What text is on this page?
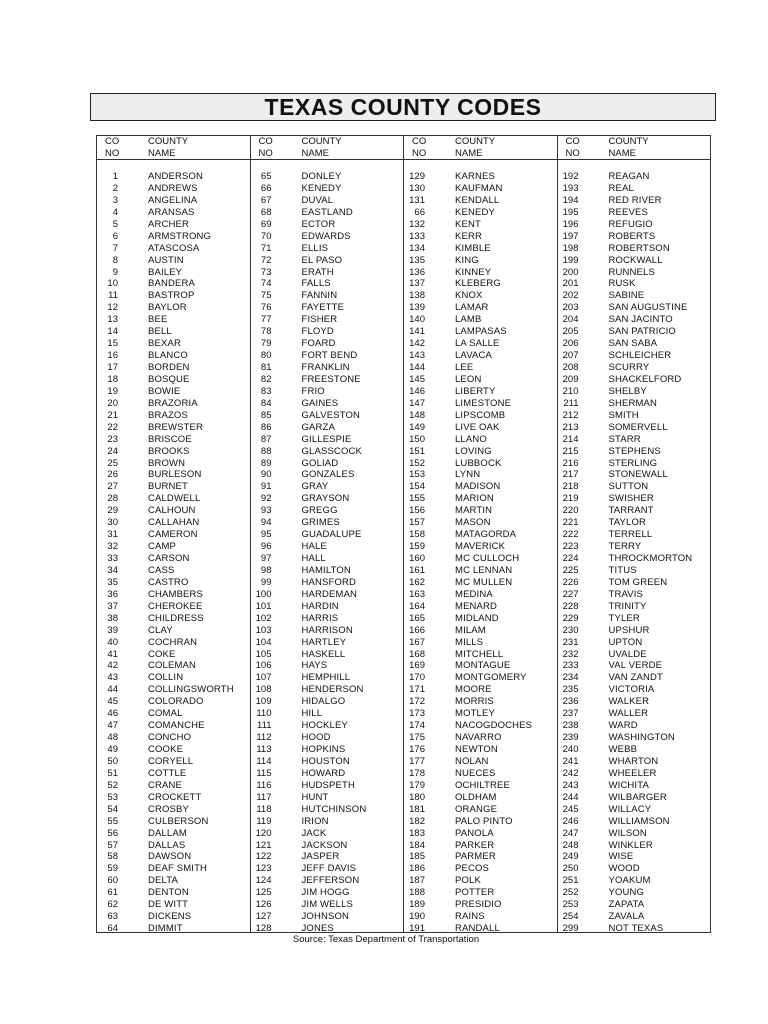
TEXAS COUNTY CODES
CO
NO
COUNTY
NAME
1	ANDERSON
2	ANDREWS
3	ANGELINA
4	ARANSAS
5	ARCHER
6	ARMSTRONG
7	ATASCOSA
8	AUSTIN
9	BAILEY
10	BANDERA
11	BASTROP
12	BAYLOR
13	BEE
14	BELL
15	BEXAR
16	BLANCO
17	BORDEN
18	BOSQUE
19	BOWIE
20	BRAZORIA
21	BRAZOS
22	BREWSTER
23	BRISCOE
24	BROOKS
25	BROWN
26	BURLESON
27	BURNET
28	CALDWELL
29	CALHOUN
30	CALLAHAN
31	CAMERON
32	CAMP
33	CARSON
34	CASS
35	CASTRO
36	CHAMBERS
37	CHEROKEE
38	CHILDRESS
39	CLAY
40	COCHRAN
41	COKE
42	COLEMAN
43	COLLIN
44	COLLINGSWORTH
45	COLORADO
46	COMAL
47	COMANCHE
48	CONCHO
49	COOKE
50	CORYELL
51	COTTLE
52	CRANE
53	CROCKETT
54	CROSBY
55	CULBERSON
56	DALLAM
57	DALLAS
58	DAWSON
59	DEAF SMITH
60	DELTA
61	DENTON
62	DE WITT
63	DICKENS
64	DIMMIT
CO
NO
COUNTY
NAME
65	DONLEY
66	KENEDY
67	DUVAL
68	EASTLAND
69	ECTOR
70	EDWARDS
71	ELLIS
72	EL PASO
73	ERATH
74	FALLS
75	FANNIN
76	FAYETTE
77	FISHER
78	FLOYD
79	FOARD
80	FORT BEND
81	FRANKLIN
82	FREESTONE
83	FRIO
84	GAINES
85	GALVESTON
86	GARZA
87	GILLESPIE
88	GLASSCOCK
89	GOLIAD
90	GONZALES
91	GRAY
92	GRAYSON
93	GREGG
94	GRIMES
95	GUADALUPE
96	HALE
97	HALL
98	HAMILTON
99	HANSFORD
100	HARDEMAN
101	HARDIN
102	HARRIS
103	HARRISON
104	HARTLEY
105	HASKELL
106	HAYS
107	HEMPHILL
108	HENDERSON
109	HIDALGO
110	HILL
111	HOCKLEY
112	HOOD
113	HOPKINS
114	HOUSTON
115	HOWARD
116	HUDSPETH
117	HUNT
118	HUTCHINSON
119	IRION
120	JACK
121	JACKSON
122	JASPER
123	JEFF DAVIS
124	JEFFERSON
125	JIM HOGG
126	JIM WELLS
127	JOHNSON
128	JONES
CO
NO
COUNTY
NAME
129	KARNES
130	KAUFMAN
131	KENDALL
66	KENEDY
132	KENT
133	KERR
134	KIMBLE
135	KING
136	KINNEY
137	KLEBERG
138	KNOX
139	LAMAR
140	LAMB
141	LAMPASAS
142	LA SALLE
143	LAVACA
144	LEE
145	LEON
146	LIBERTY
147	LIMESTONE
148	LIPSCOMB
149	LIVE OAK
150	LLANO
151	LOVING
152	LUBBOCK
153	LYNN
154	MADISON
155	MARION
156	MARTIN
157	MASON
158	MATAGORDA
159	MAVERICK
160	MC CULLOCH
161	MC LENNAN
162	MC MULLEN
163	MEDINA
164	MENARD
165	MIDLAND
166	MILAM
167	MILLS
168	MITCHELL
169	MONTAGUE
170	MONTGOMERY
171	MOORE
172	MORRIS
173	MOTLEY
174	NACOGDOCHES
175	NAVARRO
176	NEWTON
177	NOLAN
178	NUECES
179	OCHILTREE
180	OLDHAM
181	ORANGE
182	PALO PINTO
183	PANOLA
184	PARKER
185	PARMER
186	PECOS
187	POLK
188	POTTER
189	PRESIDIO
190	RAINS
191	RANDALL
CO
NO
COUNTY
NAME
192	REAGAN
193	REAL
194	RED RIVER
195	REEVES
196	REFUGIO
197	ROBERTS
198	ROBERTSON
199	ROCKWALL
200	RUNNELS
201	RUSK
202	SABINE
203	SAN AUGUSTINE
204	SAN JACINTO
205	SAN PATRICIO
206	SAN SABA
207	SCHLEICHER
208	SCURRY
209	SHACKELFORD
210	SHELBY
211	SHERMAN
212	SMITH
213	SOMERVELL
214	STARR
215	STEPHENS
216	STERLING
217	STONEWALL
218	SUTTON
219	SWISHER
220	TARRANT
221	TAYLOR
222	TERRELL
223	TERRY
224	THROCKMORTON
225	TITUS
226	TOM GREEN
227	TRAVIS
228	TRINITY
229	TYLER
230	UPSHUR
231	UPTON
232	UVALDE
233	VAL VERDE
234	VAN ZANDT
235	VICTORIA
236	WALKER
237	WALLER
238	WARD
239	WASHINGTON
240	WEBB
241	WHARTON
242	WHEELER
243	WICHITA
244	WILBARGER
245	WILLACY
246	WILLIAMSON
247	WILSON
248	WINKLER
249	WISE
250	WOOD
251	YOAKUM
252	YOUNG
253	ZAPATA
254	ZAVALA
299	NOT TEXAS
Source: Texas Department of Transportation
